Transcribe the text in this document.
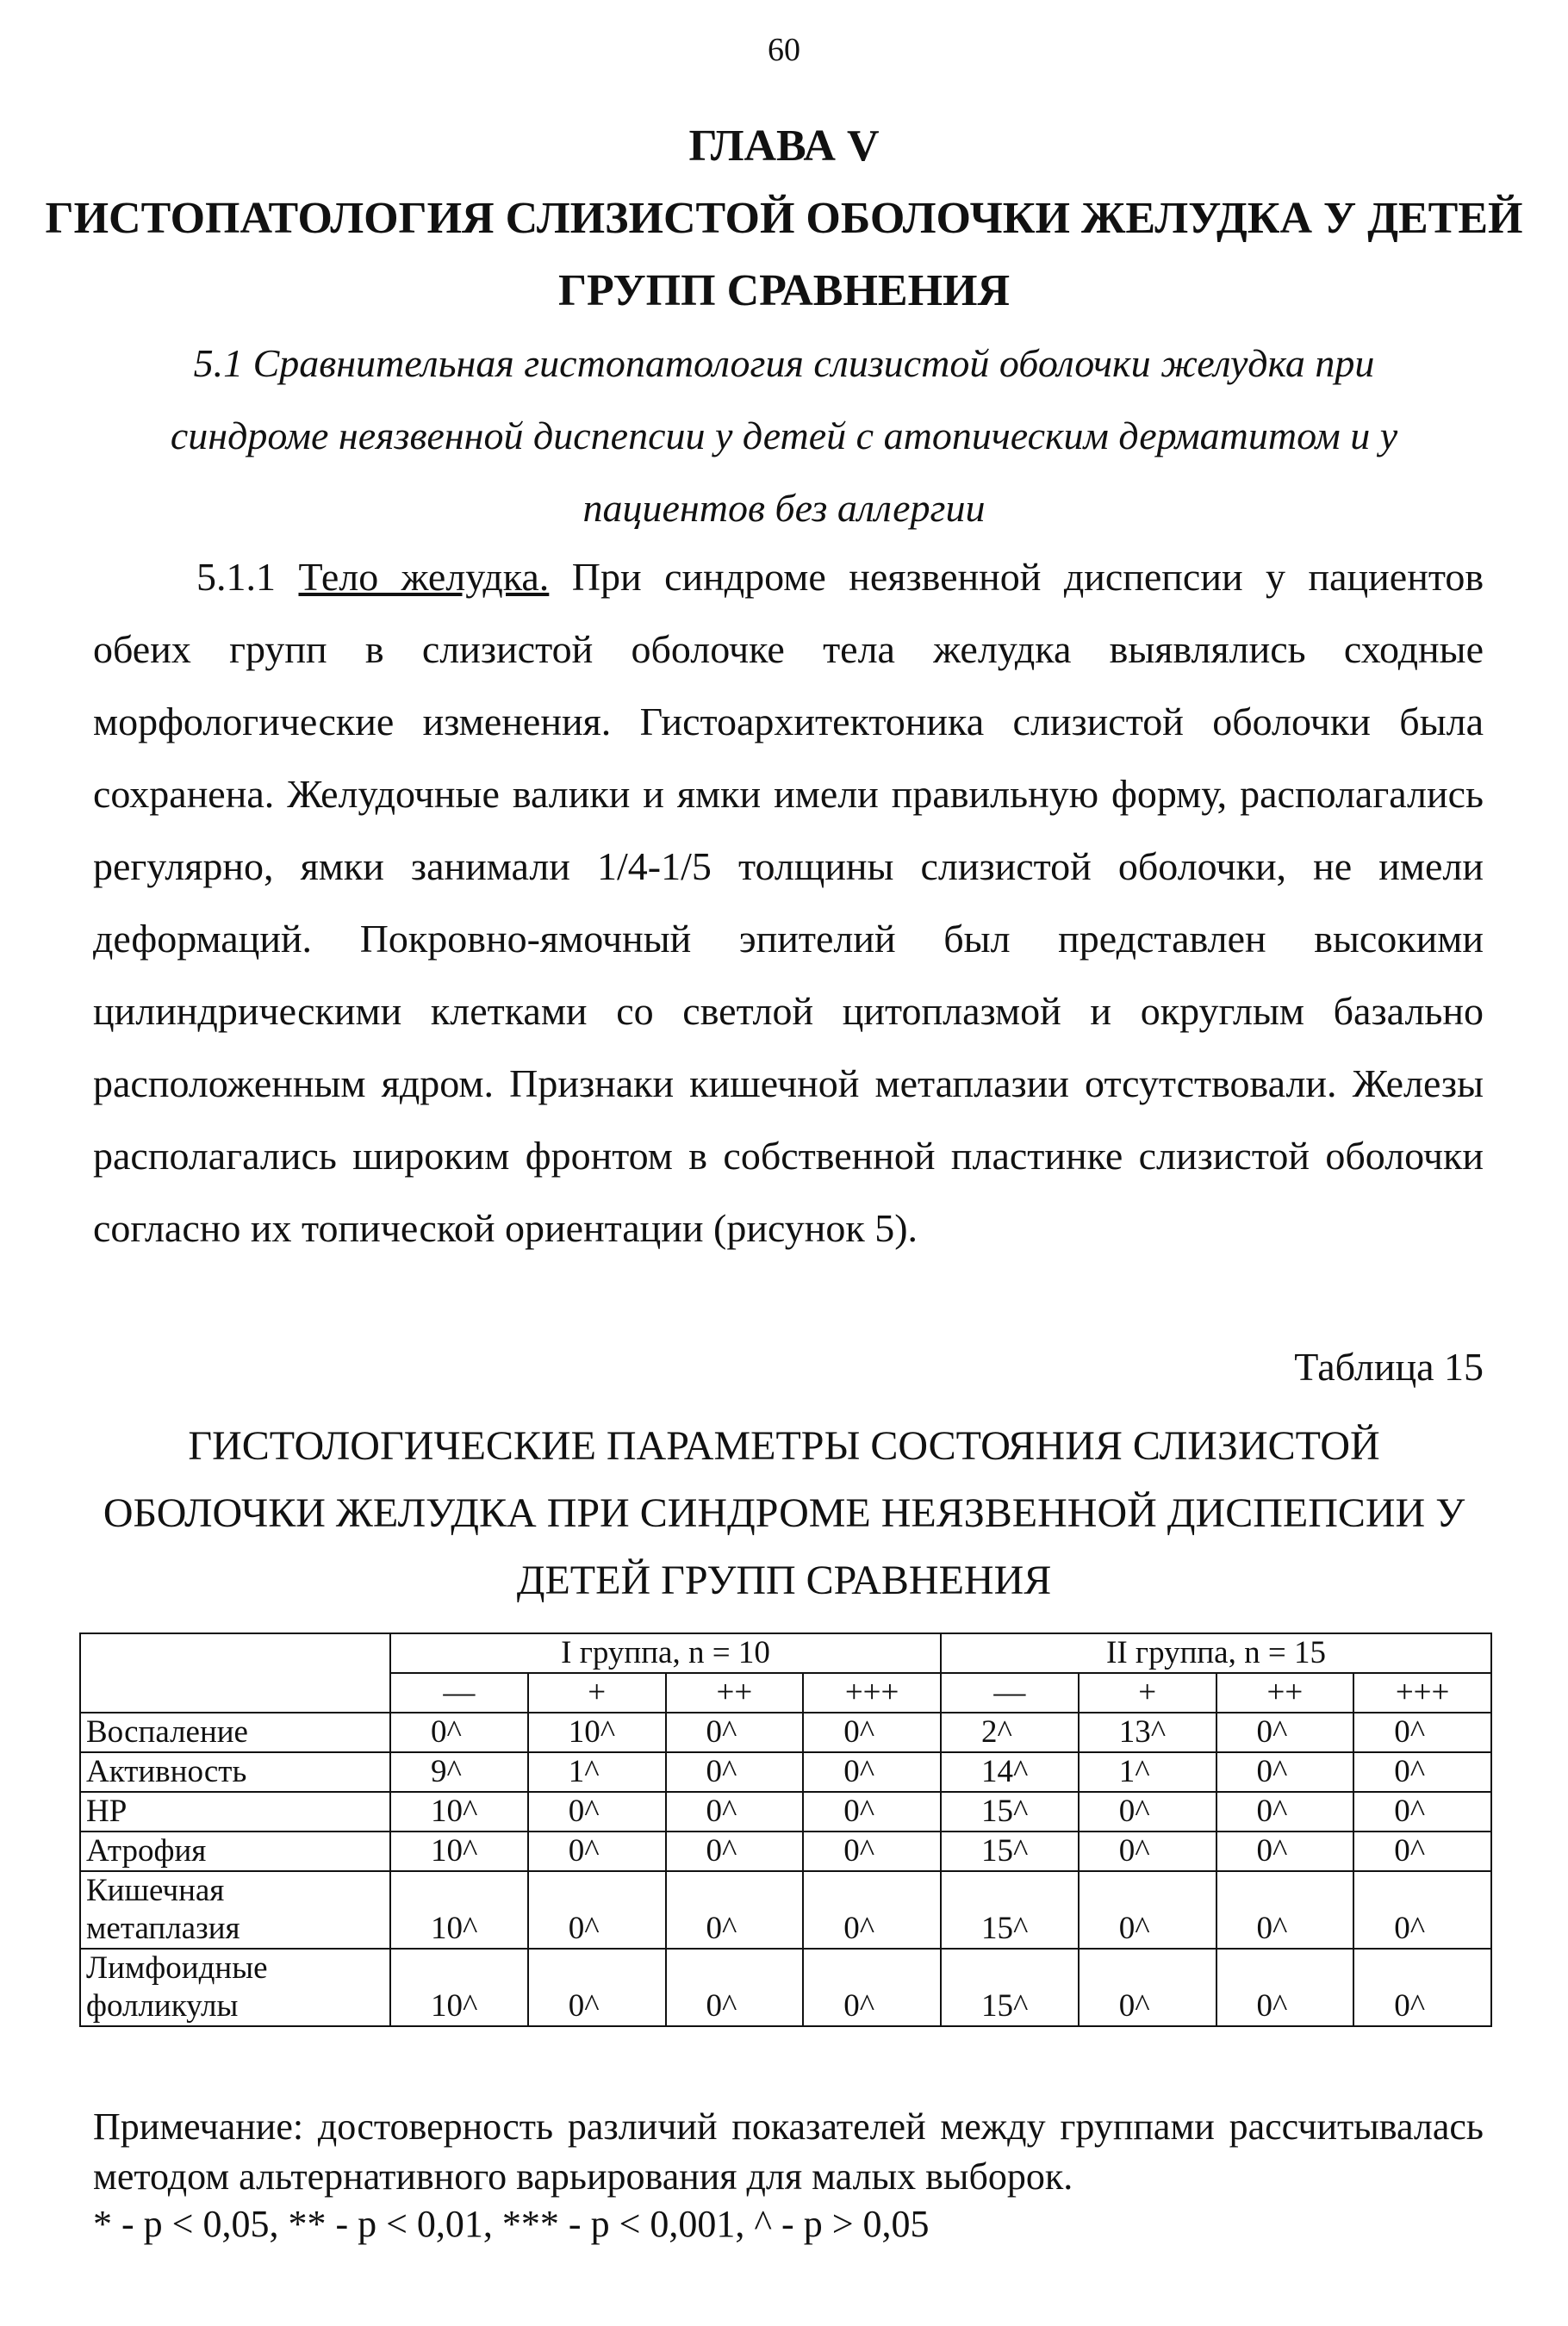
60
ГЛАВА V
ГИСТОПАТОЛОГИЯ СЛИЗИСТОЙ ОБОЛОЧКИ ЖЕЛУДКА У ДЕТЕЙ ГРУПП СРАВНЕНИЯ
5.1 Сравнительная гистопатология слизистой оболочки желудка при синдроме неязвенной диспепсии у детей с атопическим дерматитом и у пациентов без аллергии
5.1.1 Тело желудка. При синдроме неязвенной диспепсии у пациентов обеих групп в слизистой оболочке тела желудка выявлялись сходные морфологические изменения. Гистоархитектоника слизистой оболочки была сохранена. Желудочные валики и ямки имели правильную форму, располагались регулярно, ямки занимали 1/4-1/5 толщины слизистой оболочки, не имели деформаций. Покровно-ямочный эпителий был представлен высокими цилиндрическими клетками со светлой цитоплазмой и округлым базально расположенным ядром. Признаки кишечной метаплазии отсутствовали. Железы располагались широким фронтом в собственной пластинке слизистой оболочки согласно их топической ориентации (рисунок 5).
Таблица 15
ГИСТОЛОГИЧЕСКИЕ ПАРАМЕТРЫ СОСТОЯНИЯ СЛИЗИСТОЙ ОБОЛОЧКИ ЖЕЛУДКА ПРИ СИНДРОМЕ НЕЯЗВЕННОЙ ДИСПЕПСИИ У ДЕТЕЙ ГРУПП СРАВНЕНИЯ
	I группа, n = 10				II группа, n = 15			
	—	+	++	+++	—	+	++	+++
Воспаление	0^	10^	0^	0^	2^	13^	0^	0^
Активность	9^	1^	0^	0^	14^	1^	0^	0^
НР	10^	0^	0^	0^	15^	0^	0^	0^
Атрофия	10^	0^	0^	0^	15^	0^	0^	0^
Кишечная метаплазия	10^	0^	0^	0^	15^	0^	0^	0^
Лимфоидные фолликулы	10^	0^	0^	0^	15^	0^	0^	0^
Примечание: достоверность различий показателей между группами рассчитывалась методом альтернативного варьирования для малых выборок.
* - p < 0,05, ** - p < 0,01, *** - p < 0,001, ^ - p > 0,05
